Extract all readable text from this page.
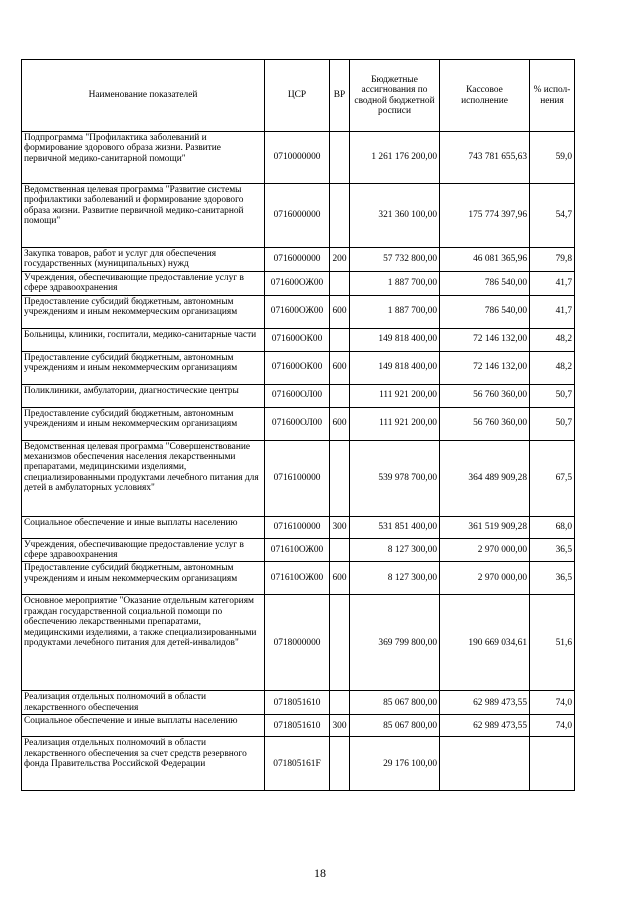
Наименование показателей	ЦСР	ВР	Бюджетные ассигнования по сводной бюджетной росписи	Кассовое исполнение	% испол- нения
Подпрограмма "Профилактика заболеваний и формирование здорового образа жизни. Развитие первичной медико-санитарной помощи"	0710000000		1 261 176 200,00	743 781 655,63	59,0
Ведомственная целевая программа "Развитие системы профилактики заболеваний и формирование здорового образа жизни. Развитие первичной медико-санитарной помощи"	0716000000		321 360 100,00	175 774 397,96	54,7
Закупка товаров, работ и услуг для обеспечения государственных (муниципальных) нужд	0716000000	200	57 732 800,00	46 081 365,96	79,8
Учреждения, обеспечивающие предоставление услуг в сфере здравоохранения	071600ОЖ00		1 887 700,00	786 540,00	41,7
Предоставление субсидий бюджетным, автономным учреждениям и иным некоммерческим организациям	071600ОЖ00	600	1 887 700,00	786 540,00	41,7
Больницы, клиники, госпитали, медико-санитарные части	071600ОК00		149 818 400,00	72 146 132,00	48,2
Предоставление субсидий бюджетным, автономным учреждениям и иным некоммерческим организациям	071600ОК00	600	149 818 400,00	72 146 132,00	48,2
Поликлиники, амбулатории, диагностические центры	071600ОЛ00		111 921 200,00	56 760 360,00	50,7
Предоставление субсидий бюджетным, автономным учреждениям и иным некоммерческим организациям	071600ОЛ00	600	111 921 200,00	56 760 360,00	50,7
Ведомственная целевая программа "Совершенствование механизмов обеспечения населения лекарственными препаратами, медицинскими изделиями, специализированными продуктами лечебного питания для детей в амбулаторных условиях"	0716100000		539 978 700,00	364 489 909,28	67,5
Социальное обеспечение и иные выплаты населению	0716100000	300	531 851 400,00	361 519 909,28	68,0
Учреждения, обеспечивающие предоставление услуг в сфере здравоохранения	071610ОЖ00		8 127 300,00	2 970 000,00	36,5
Предоставление субсидий бюджетным, автономным учреждениям и иным некоммерческим организациям	071610ОЖ00	600	8 127 300,00	2 970 000,00	36,5
Основное мероприятие "Оказание отдельным категориям граждан государственной социальной помощи по обеспечению лекарственными препаратами, медицинскими изделиями, а также специализированными продуктами лечебного питания для детей-инвалидов"	0718000000		369 799 800,00	190 669 034,61	51,6
Реализация отдельных полномочий в области лекарственного обеспечения	0718051610		85 067 800,00	62 989 473,55	74,0
Социальное обеспечение и иные выплаты населению	0718051610	300	85 067 800,00	62 989 473,55	74,0
Реализация отдельных полномочий в области лекарственного обеспечения за счет средств резервного фонда Правительства Российской Федерации	071805161F		29 176 100,00		
18
